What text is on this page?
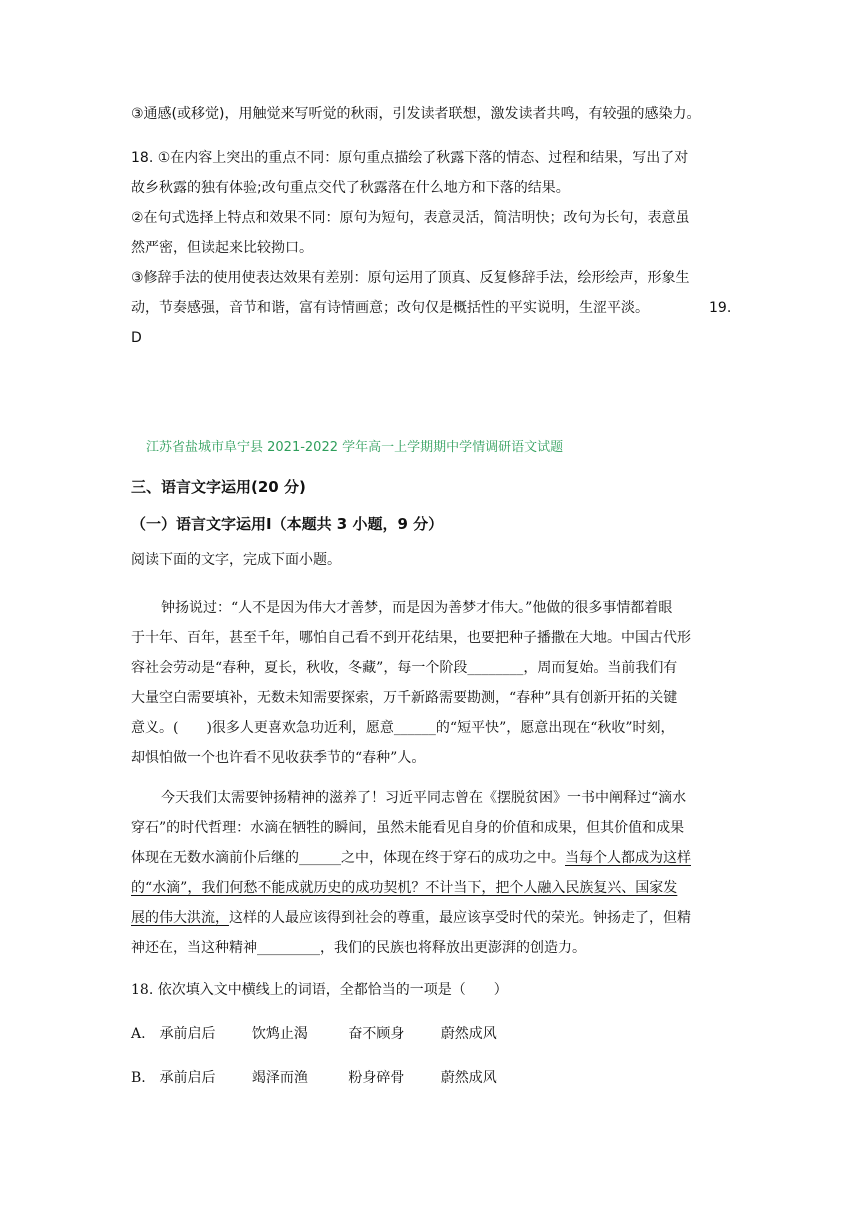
③通感(或移觉)，用触觉来写听觉的秋雨，引发读者联想，激发读者共鸣，有较强的感染力。
18. ①在内容上突出的重点不同：原句重点描绘了秋露下落的情态、过程和结果，写出了对
故乡秋露的独有体验;改句重点交代了秋露落在什么地方和下落的结果。
②在句式选择上特点和效果不同：原句为短句，表意灵活，简洁明快；改句为长句，表意虽
然严密，但读起来比较拗口。
③修辞手法的使用使表达效果有差别：原句运用了顶真、反复修辞手法，绘形绘声，形象生
动，节奏感强，音节和谐，富有诗情画意；改句仅是概括性的平实说明，生涩平淡。	19.
D
江苏省盐城市阜宁县 2021-2022 学年高一上学期期中学情调研语文试题
三、语言文字运用(20 分)
（一）语言文字运用Ⅰ（本题共 3 小题，9 分）
阅读下面的文字，完成下面小题。
钟扬说过：“人不是因为伟大才善梦，而是因为善梦才伟大。”他做的很多事情都着眼
于十年、百年，甚至千年，哪怕自己看不到开花结果，也要把种子播撒在大地。中国古代形
容社会劳动是“春种，夏长，秋收，冬藏”，每一个阶段________，周而复始。当前我们有
大量空白需要填补，无数未知需要探索，万千新路需要勘测，“春种”具有创新开拓的关键
意义。(　　)很多人更喜欢急功近利，愿意______的“短平快”，愿意出现在“秋收”时刻，
却惧怕做一个也许看不见收获季节的“春种”人。
今天我们太需要钟扬精神的滋养了！习近平同志曾在《摆脱贫困》一书中阐释过“滴水
穿石”的时代哲理：水滴在牺牲的瞬间，虽然未能看见自身的价值和成果，但其价值和成果
体现在无数水滴前仆后继的______之中，体现在终于穿石的成功之中。当每个人都成为这样
的“水滴”，我们何愁不能成就历史的成功契机？不计当下，把个人融入民族复兴、国家发
展的伟大洪流，这样的人最应该得到社会的尊重，最应该享受时代的荣光。钟扬走了，但精
神还在，当这种精神_________，我们的民族也将释放出更澎湃的创造力。
18. 依次填入文中横线上的词语，全都恰当的一项是（　　）
A. 承前启后	饮鸩止渴	奋不顾身	蔚然成风
B. 承前启后	竭泽而渔	粉身碎骨	蔚然成风
